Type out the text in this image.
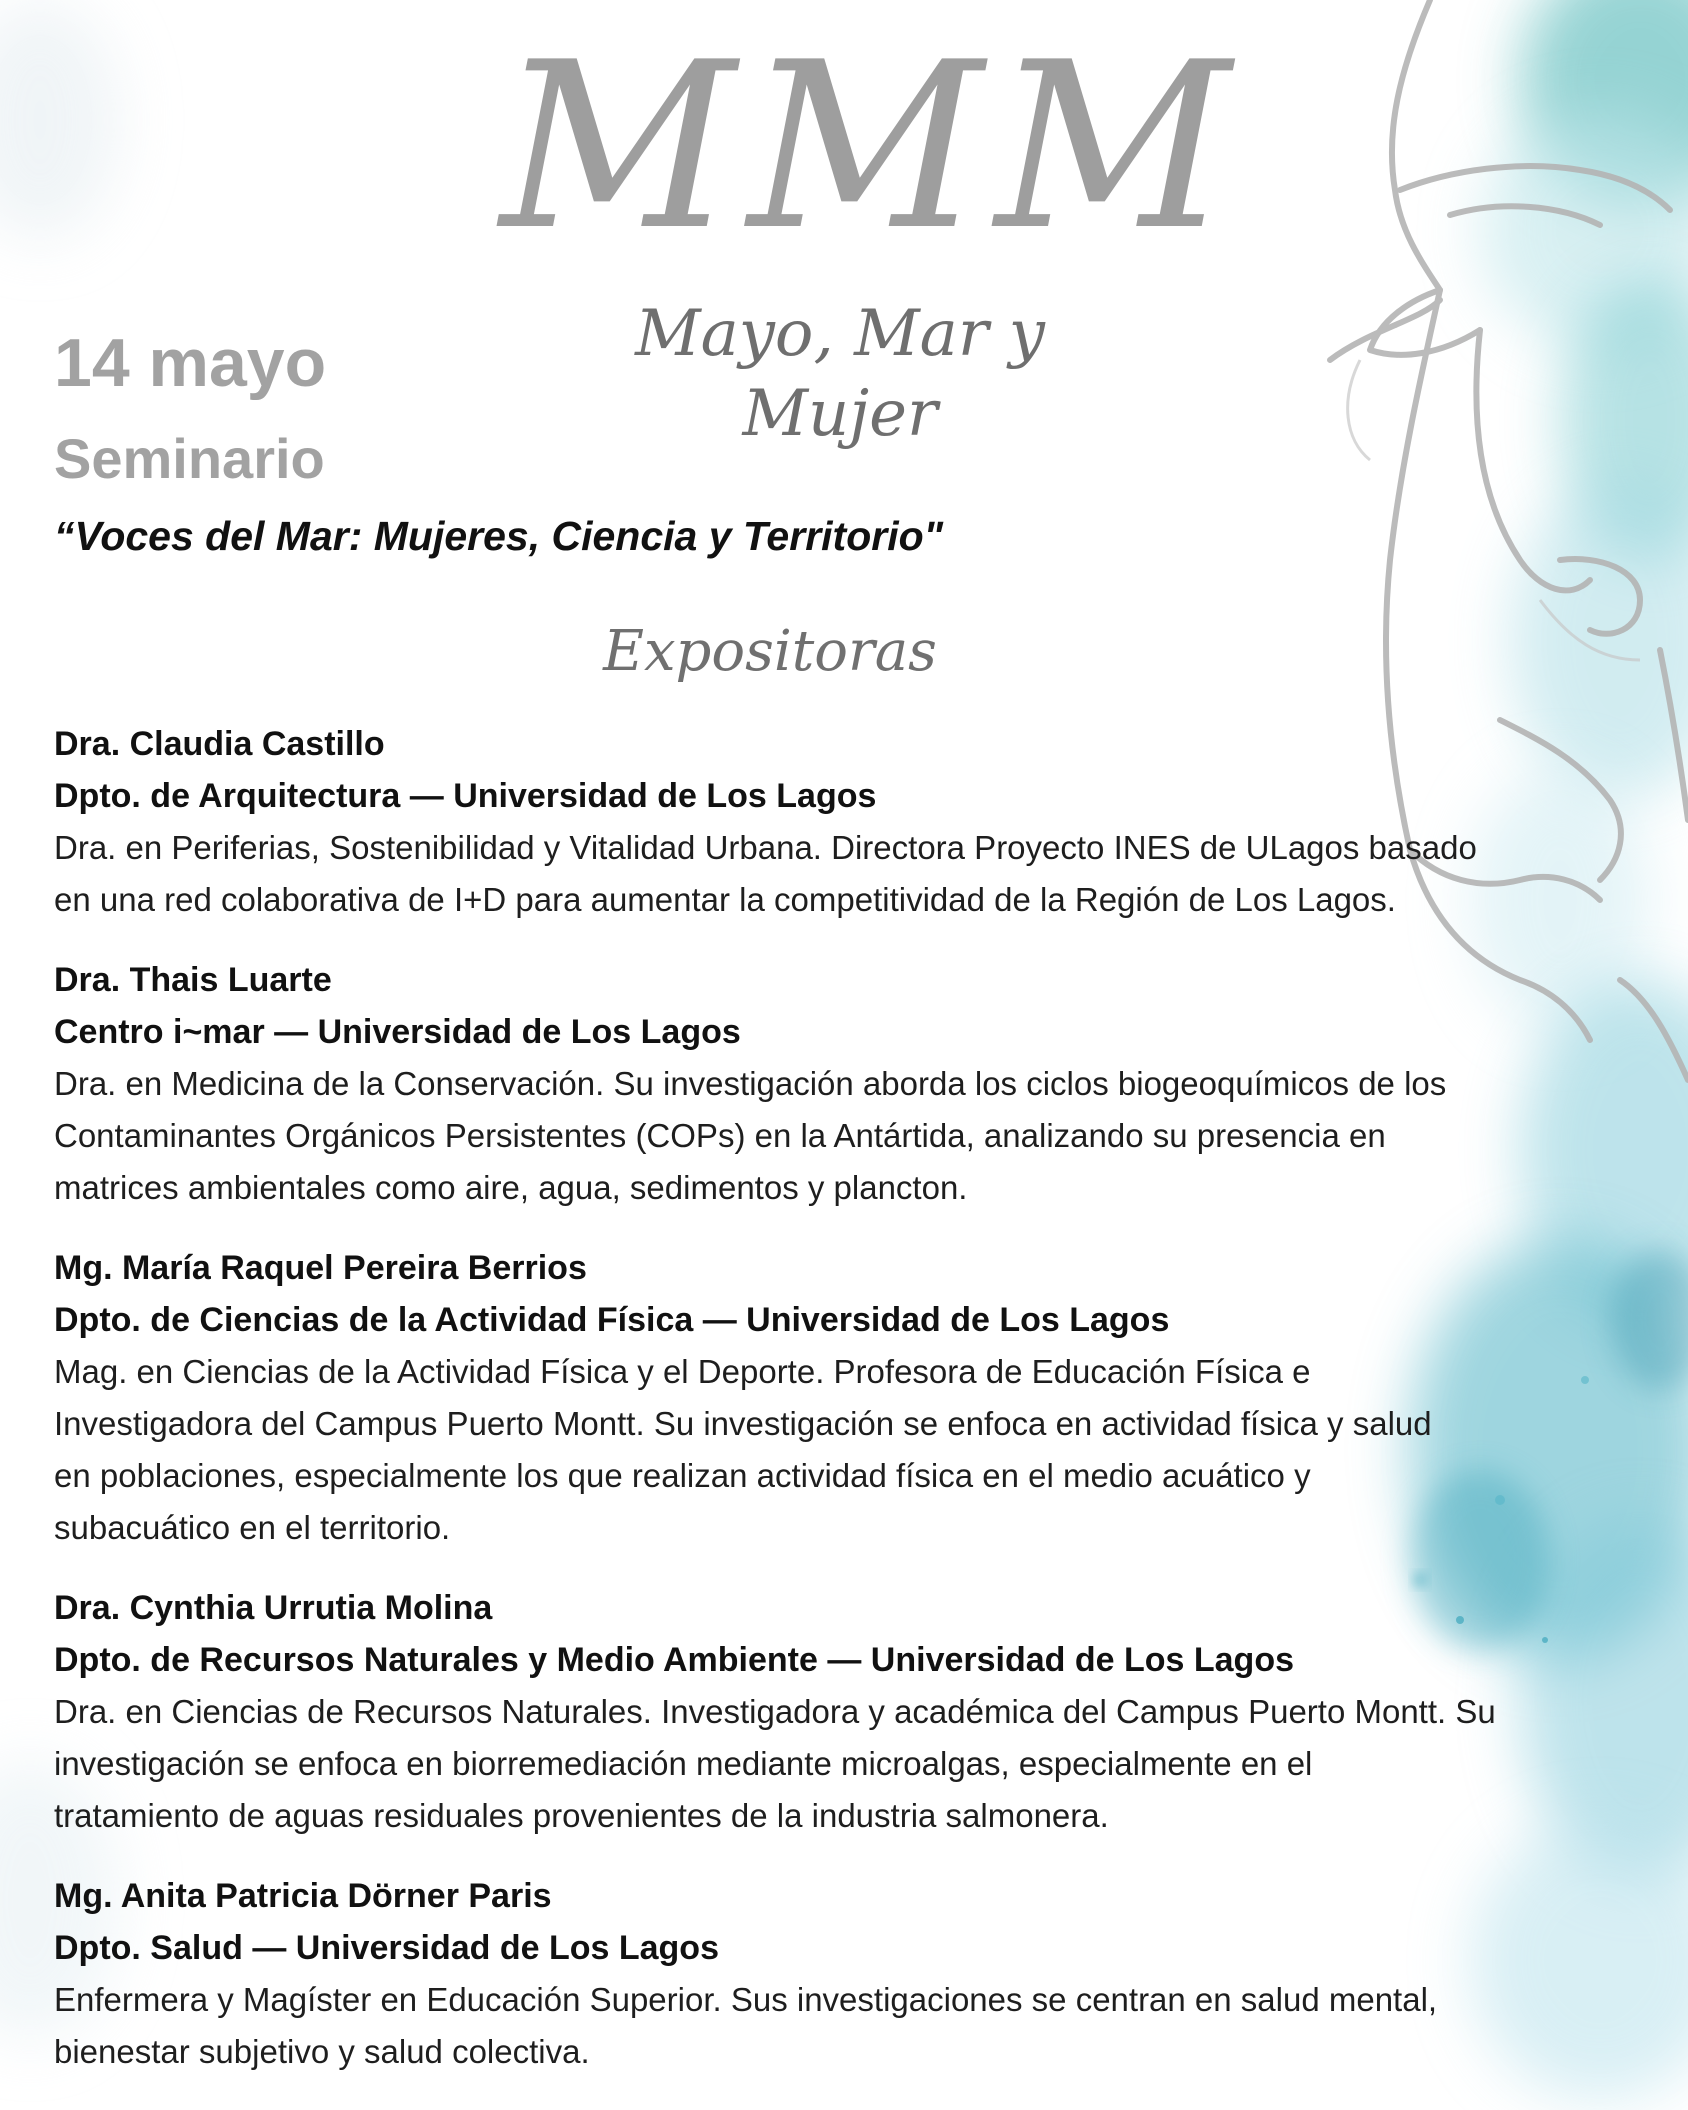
MMM
Mayo, Mar y Mujer
14 mayo
Seminario
“Voces del Mar: Mujeres, Ciencia y Territorio"
Expositoras
Dra. Claudia Castillo
Dpto. de Arquitectura — Universidad de Los Lagos
Dra. en Periferias, Sostenibilidad y Vitalidad Urbana. Directora Proyecto INES de ULagos basado
en una red colaborativa de I+D para aumentar la competitividad de la Región de Los Lagos.
Dra. Thais Luarte
Centro i~mar — Universidad de Los Lagos
Dra. en Medicina de la Conservación. Su investigación aborda los ciclos biogeoquímicos de los
Contaminantes Orgánicos Persistentes (COPs) en la Antártida, analizando su presencia en
matrices ambientales como aire, agua, sedimentos y plancton.
Mg. María Raquel Pereira Berrios
Dpto. de Ciencias de la Actividad Física — Universidad de Los Lagos
Mag. en Ciencias de la Actividad Física y el Deporte. Profesora de Educación Física e
Investigadora del Campus Puerto Montt. Su investigación se enfoca en actividad física y salud
en poblaciones, especialmente los que realizan actividad física en el medio acuático y
subacuático en el territorio.
Dra. Cynthia Urrutia Molina
Dpto. de Recursos Naturales y Medio Ambiente — Universidad de Los Lagos
Dra. en Ciencias de Recursos Naturales. Investigadora y académica del Campus Puerto Montt. Su
investigación se enfoca en biorremediación mediante microalgas, especialmente en el
tratamiento de aguas residuales provenientes de la industria salmonera.
Mg. Anita Patricia Dörner Paris
Dpto. Salud — Universidad de Los Lagos
Enfermera y Magíster en Educación Superior. Sus investigaciones se centran en salud mental,
bienestar subjetivo y salud colectiva.
